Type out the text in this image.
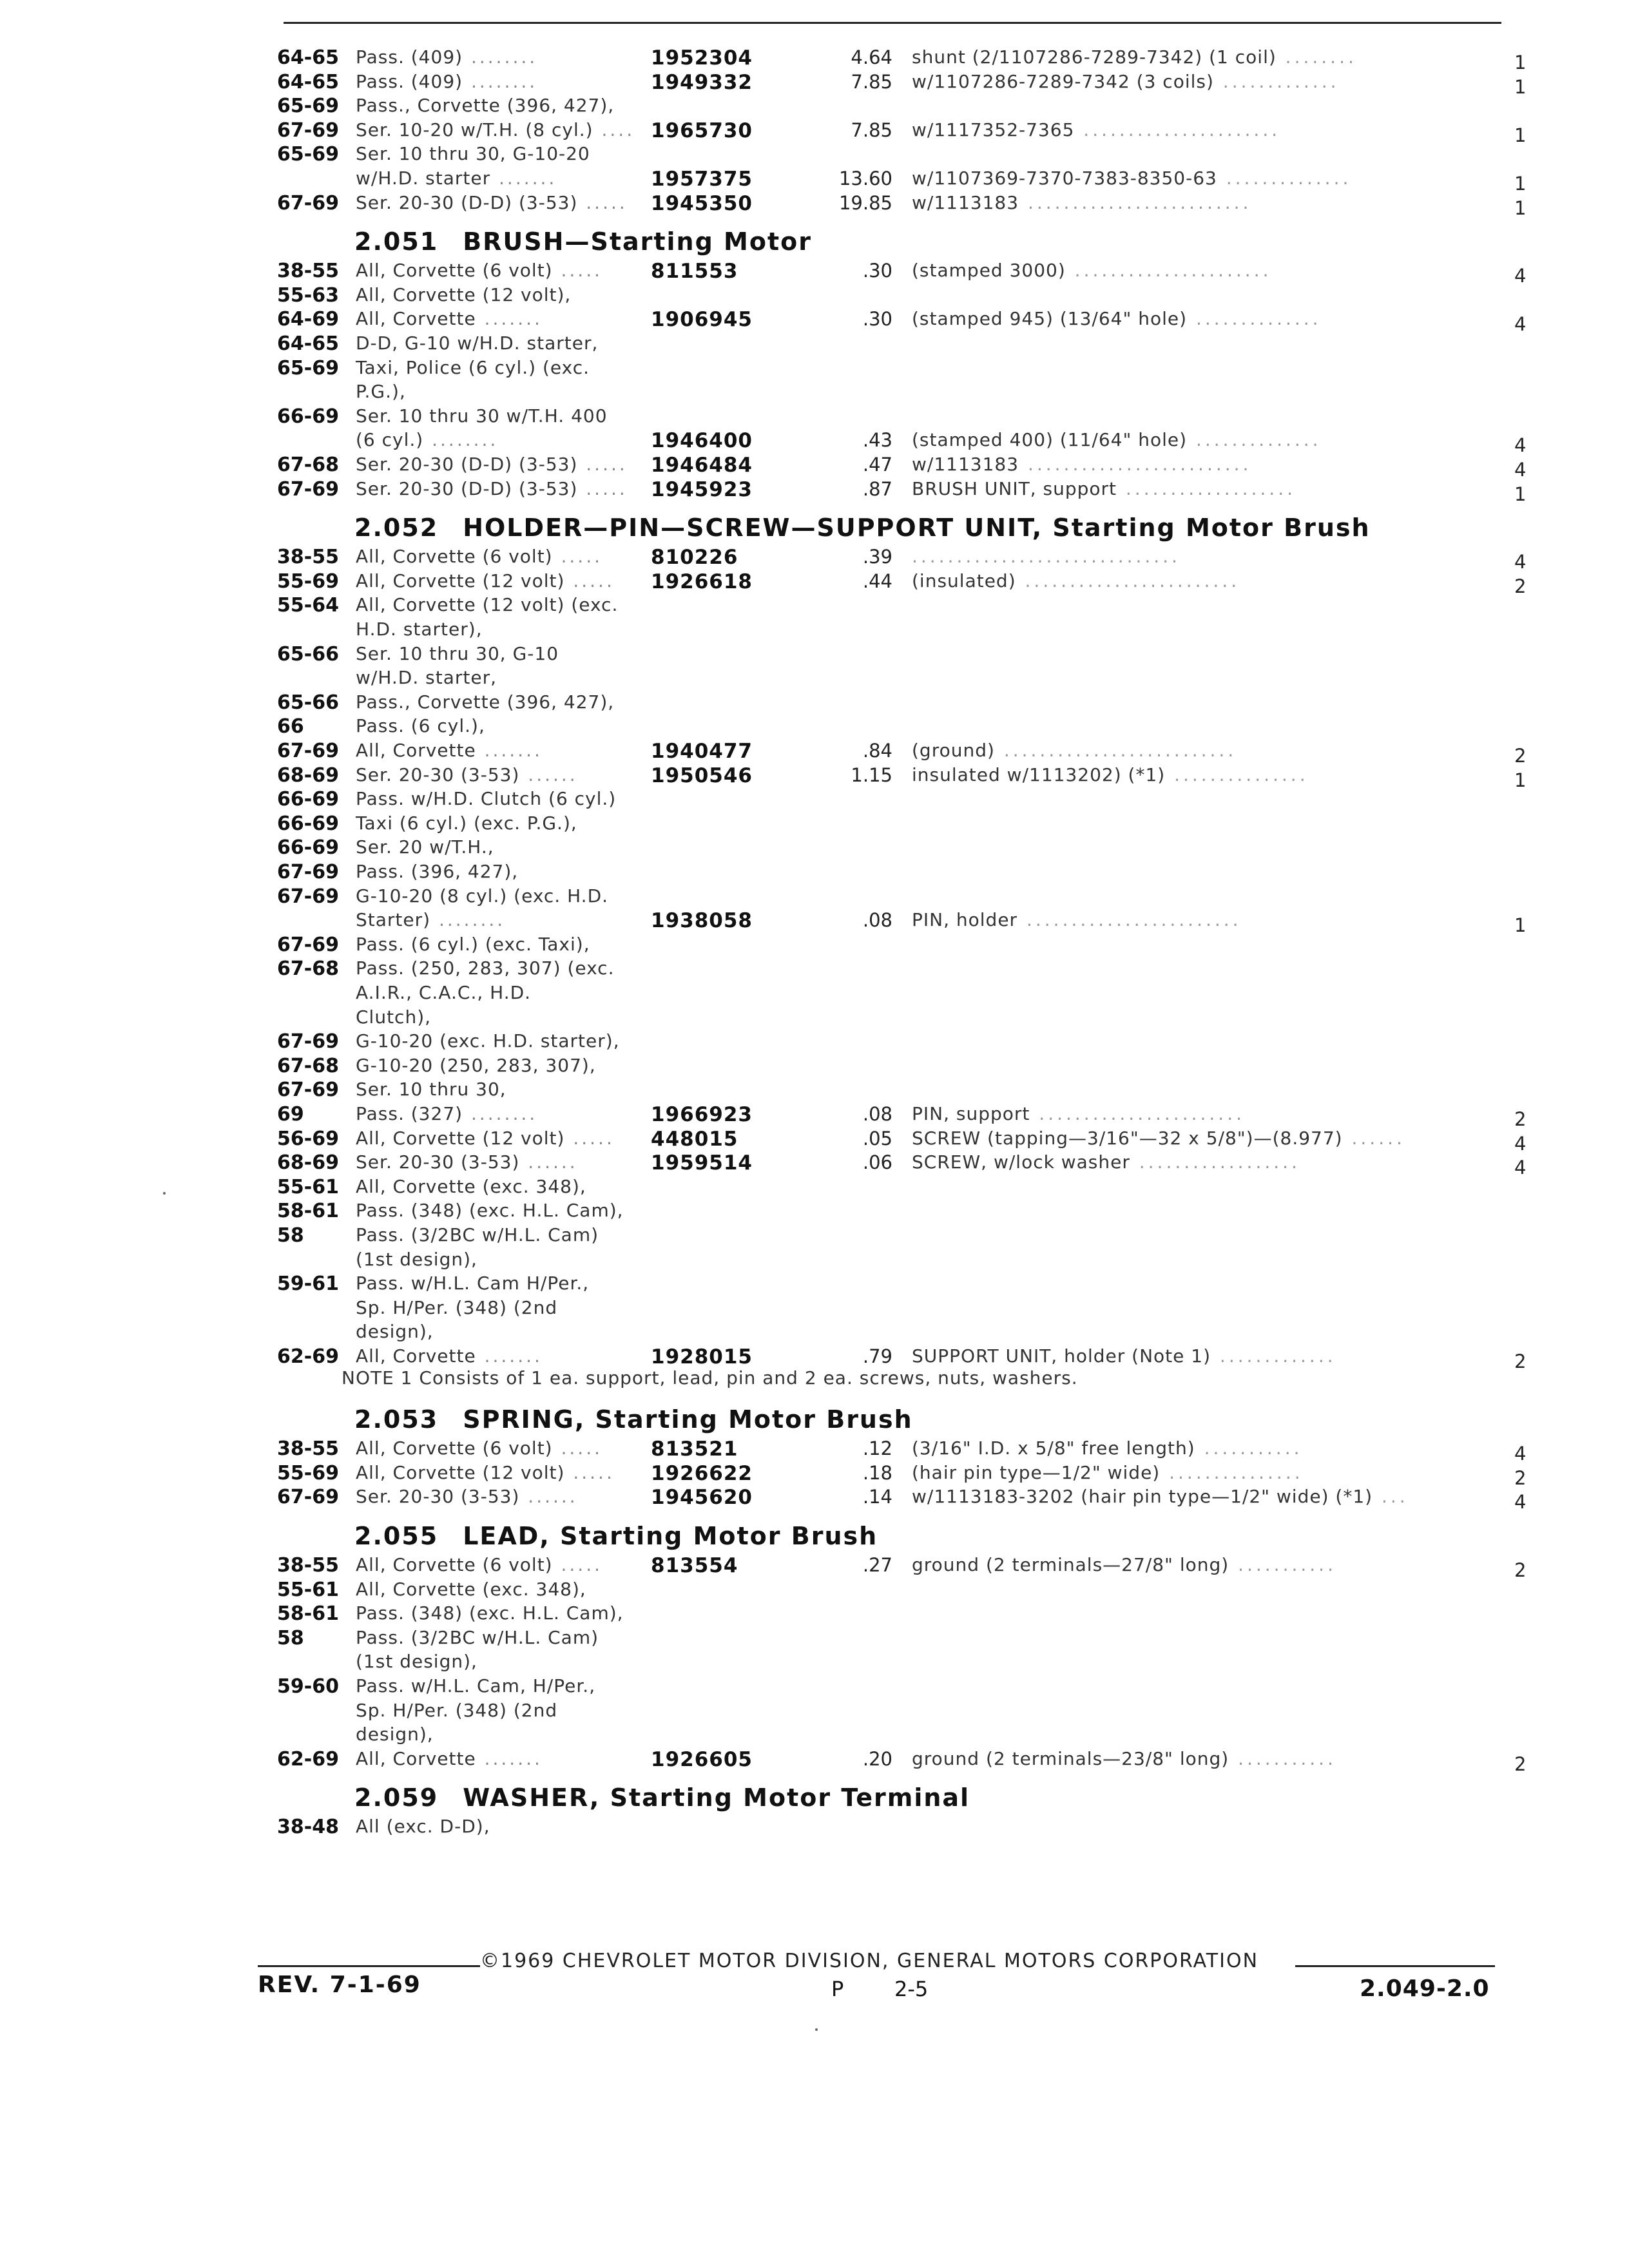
64-65 Pass. (409) ........	1952304	4.64 shunt (2/1107286-7289-7342) (1 coil) ........	1
64-65 Pass. (409) ........	1949332	7.85 w/1107286-7289-7342 (3 coils) .............	1
65-69 Pass., Corvette (396, 427),
67-69 Ser. 10-20 w/T.H. (8 cyl.) .... 1965730	7.85 w/1117352-7365 ......................	1
65-69 Ser. 10 thru 30, G-10-20
w/H.D. starter .......	1957375	13.60 w/1107369-7370-7383-8350-63 ..............	1
67-69 Ser. 20-30 (D-D) (3-53) ..... 1945350	19.85 w/1113183 .........................	1
2.051 BRUSH—Starting Motor
38-55 All, Corvette (6 volt) ..... 811553	.30 (stamped 3000) ......................	4
55-63 All, Corvette (12 volt),
64-69 All, Corvette .......	1906945	.30 (stamped 945) (13/64" hole) ..............	4
64-65 D-D, G-10 w/H.D. starter,
65-69 Taxi, Police (6 cyl.) (exc.
P.G.),
66-69 Ser. 10 thru 30 w/T.H. 400
(6 cyl.) ........	1946400	.43 (stamped 400) (11/64" hole) ..............	4
67-68 Ser. 20-30 (D-D) (3-53) ..... 1946484	.47 w/1113183 .........................	4
67-69 Ser. 20-30 (D-D) (3-53) ..... 1945923	.87 BRUSH UNIT, support ...................	1
2.052 HOLDER—PIN—SCREW—SUPPORT UNIT, Starting Motor Brush
38-55 All, Corvette (6 volt) ..... 810226	.39 ..............................	4
55-69 All, Corvette (12 volt) ..... 1926618	.44 (insulated) ........................	2
55-64 All, Corvette (12 volt) (exc.
H.D. starter),
65-66 Ser. 10 thru 30, G-10
w/H.D. starter,
65-66 Pass., Corvette (396, 427),
66	Pass. (6 cyl.),
67-69 All, Corvette .......	1940477	.84 (ground) ..........................	2
68-69 Ser. 20-30 (3-53) ......	1950546	1.15 insulated w/1113202) (*1) ...............	1
66-69 Pass. w/H.D. Clutch (6 cyl.)
66-69 Taxi (6 cyl.) (exc. P.G.),
66-69 Ser. 20 w/T.H.,
67-69 Pass. (396, 427),
67-69 G-10-20 (8 cyl.) (exc. H.D.
Starter) ........	1938058	.08 PIN, holder ........................	1
67-69 Pass. (6 cyl.) (exc. Taxi),
67-68 Pass. (250, 283, 307) (exc.
A.I.R., C.A.C., H.D.
Clutch),
67-69 G-10-20 (exc. H.D. starter),
67-68 G-10-20 (250, 283, 307),
67-69 Ser. 10 thru 30,
69	Pass. (327) ........	1966923	.08 PIN, support .......................	2
56-69 All, Corvette (12 volt) ..... 448015	.05 SCREW (tapping—3/16"—32 x 5/8")—(8.977) ......	4
68-69 Ser. 20-30 (3-53) ......	1959514	.06 SCREW, w/lock washer ..................	4
55-61 All, Corvette (exc. 348),
58-61 Pass. (348) (exc. H.L. Cam),
58	Pass. (3/2BC w/H.L. Cam)
(1st design),
59-61 Pass. w/H.L. Cam H/Per.,
Sp. H/Per. (348) (2nd
design),
62-69 All, Corvette .......	1928015	.79 SUPPORT UNIT, holder (Note 1) .............	2
NOTE 1 Consists of 1 ea. support, lead, pin and 2 ea. screws, nuts, washers.
2.053 SPRING, Starting Motor Brush
38-55 All, Corvette (6 volt) ..... 813521	.12 (3/16" I.D. x 5/8" free length) ...........	4
55-69 All, Corvette (12 volt) ..... 1926622	.18 (hair pin type—1/2" wide) ...............	2
67-69 Ser. 20-30 (3-53) ......	1945620	.14 w/1113183-3202 (hair pin type—1/2" wide) (*1) ...	4
2.055 LEAD, Starting Motor Brush
38-55 All, Corvette (6 volt) ..... 813554	.27 ground (2 terminals—27/8" long) ...........	2
55-61 All, Corvette (exc. 348),
58-61 Pass. (348) (exc. H.L. Cam),
58	Pass. (3/2BC w/H.L. Cam)
(1st design),
59-60 Pass. w/H.L. Cam, H/Per.,
Sp. H/Per. (348) (2nd
design),
62-69 All, Corvette .......	1926605	.20 ground (2 terminals—23/8" long) ...........	2
2.059 WASHER, Starting Motor Terminal
38-48 All (exc. D-D),
©1969 CHEVROLET MOTOR DIVISION, GENERAL MOTORS CORPORATION
REV. 7-1-69	P 2-5	2.049-2.0
